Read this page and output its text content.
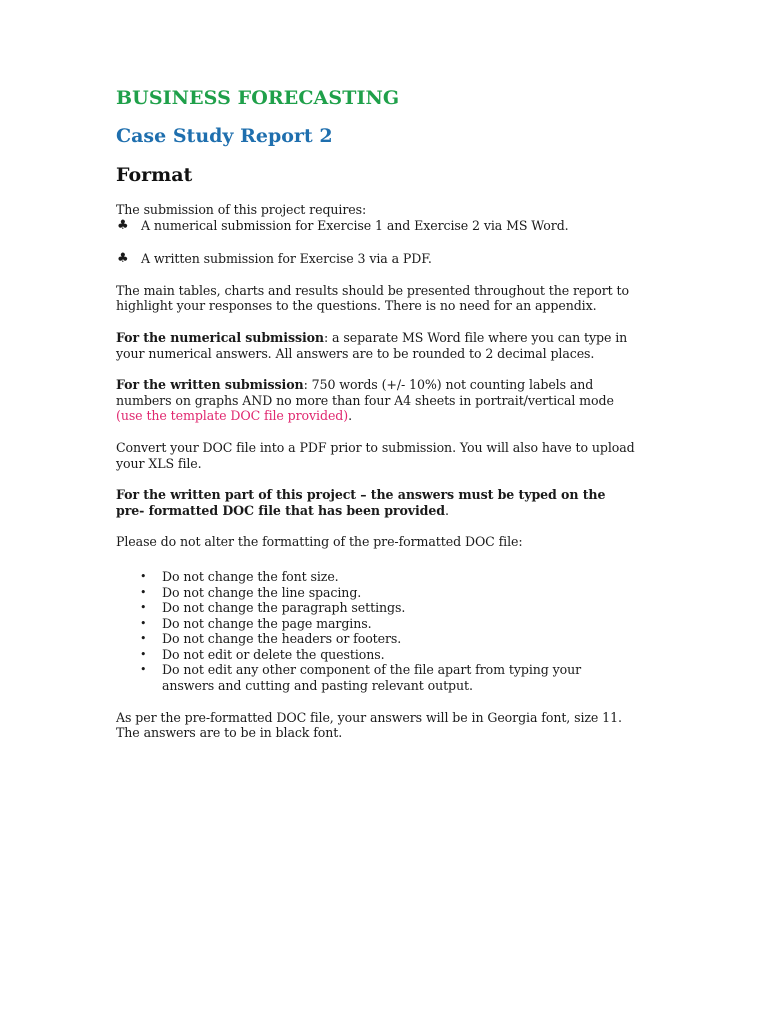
BUSINESS FORECASTING
Case Study Report 2
Format

The submission of this project requires:

♣ A numerical submission for Exercise 1 and Exercise 2 via MS Word.
♣ A written submission for Exercise 3 via a PDF.

The main tables, charts and results should be presented throughout the report to highlight your responses to the questions. There is no need for an appendix.

For the numerical submission: a separate MS Word file where you can type in your numerical answers. All answers are to be rounded to 2 decimal places.

For the written submission: 750 words (+/- 10%) not counting labels and numbers on graphs AND no more than four A4 sheets in portrait/vertical mode (use the template DOC file provided).

Convert your DOC file into a PDF prior to submission. You will also have to upload your XLS file.

For the written part of this project – the answers must be typed on the pre- formatted DOC file that has been provided.

Please do not alter the formatting of the pre-formatted DOC file:

• Do not change the font size.
• Do not change the line spacing.
• Do not change the paragraph settings.
• Do not change the page margins.
• Do not change the headers or footers.
• Do not edit or delete the questions.
• Do not edit any other component of the file apart from typing your answers and cutting and pasting relevant output.

As per the pre-formatted DOC file, your answers will be in Georgia font, size 11. The answers are to be in black font.
